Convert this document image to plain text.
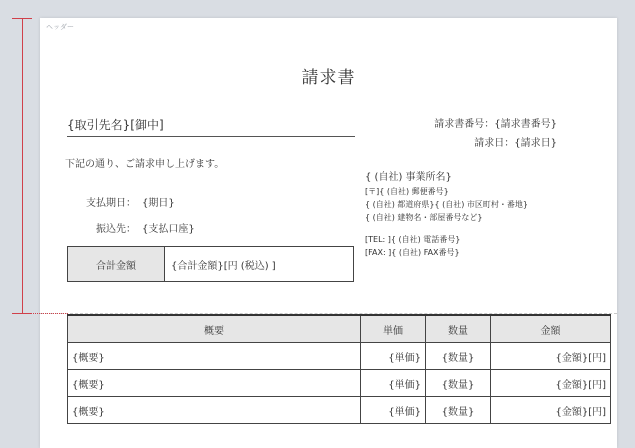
ヘッダー
請求書
{取引先名}[御中]
下記の通り、ご請求申し上げます。
支払期日： {期日}
振込先： {支払口座}
合計金額	{合計金額}[円 (税込) ]
請求書番号：{請求書番号}
請求日：{請求日}
{ (自社) 事業所名}
[〒]{ (自社) 郵便番号}
{ (自社) 都道府県}{ (自社) 市区町村・番地}
{ (自社) 建物名・部屋番号など}
[TEL: ]{ (自社) 電話番号}
[FAX: ]{ (自社) FAX番号}
概要	単価	数量	金額
{概要}	{単価}	{数量}	{金額}[円]
{概要}	{単価}	{数量}	{金額}[円]
{概要}	{単価}	{数量}	{金額}[円]
